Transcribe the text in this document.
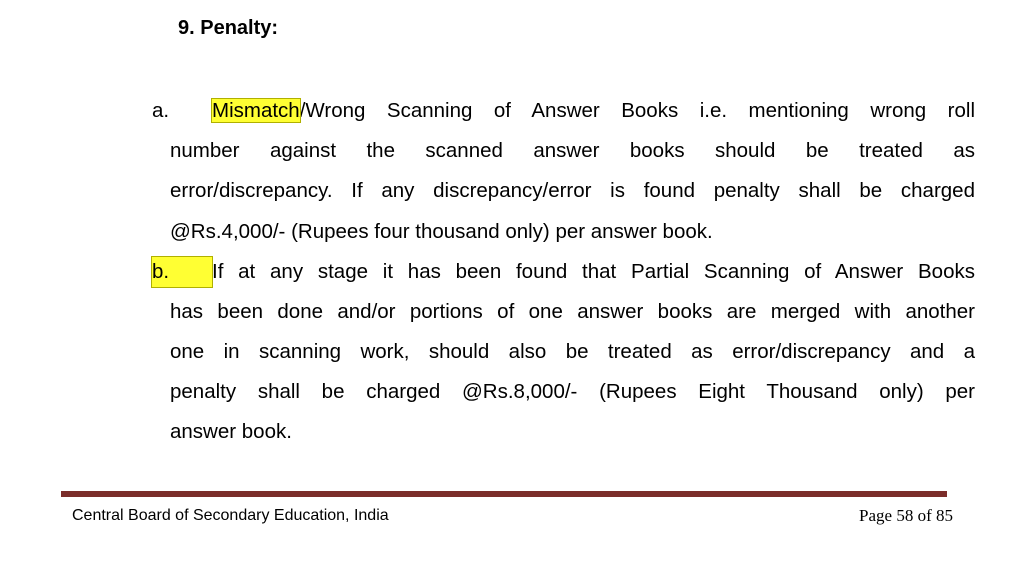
9. Penalty:
a. Mismatch/Wrong Scanning of Answer Books i.e. mentioning wrong roll
number against the scanned answer books should be treated as
error/discrepancy. If any discrepancy/error is found penalty shall be charged
@Rs.4,000/- (Rupees four thousand only) per answer book.
b. If at any stage it has been found that Partial Scanning of Answer Books
has been done and/or portions of one answer books are merged with another
one in scanning work, should also be treated as error/discrepancy and a
penalty shall be charged @Rs.8,000/- (Rupees Eight Thousand only) per
answer book.
Central Board of Secondary Education, India	Page 58 of 85
